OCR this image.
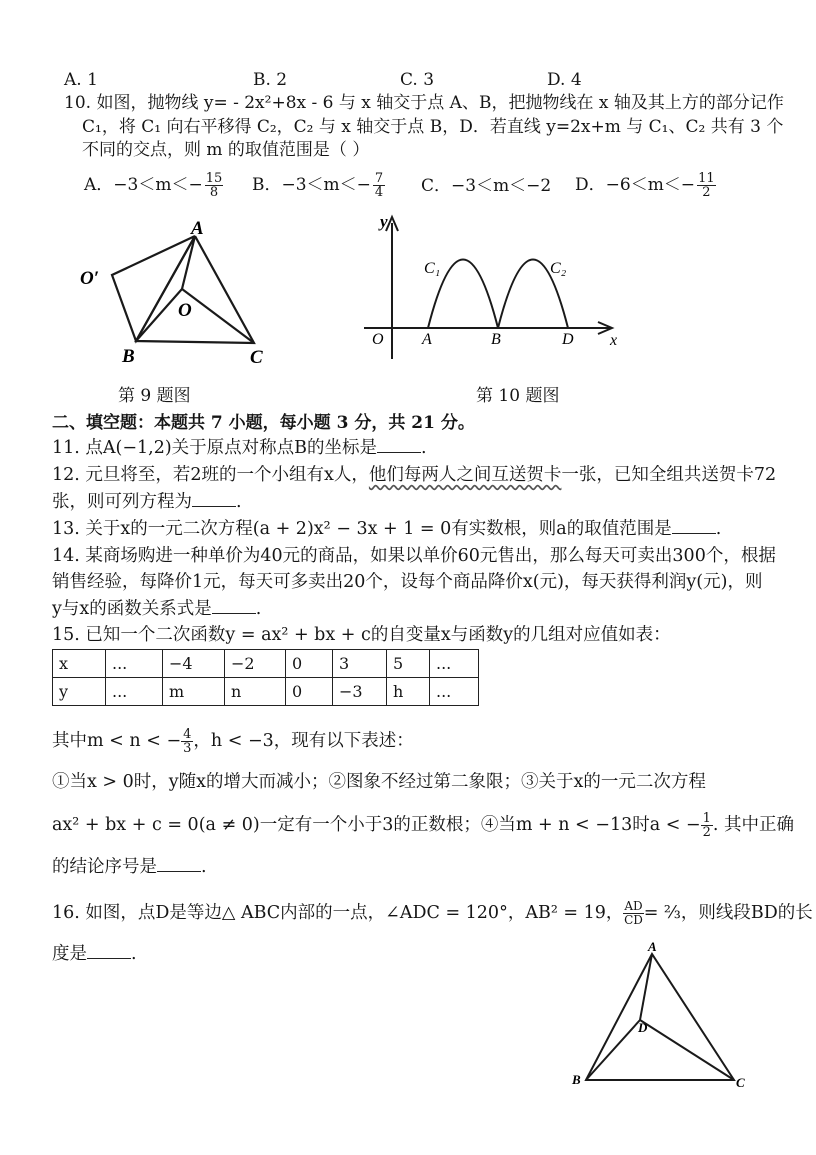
A. 1	B. 2	C. 3	D. 4
10. 如图，抛物线 y= - 2x²+8x - 6 与 x 轴交于点 A、B，把抛物线在 x 轴及其上方的部分记作
C₁，将 C₁ 向右平移得 C₂，C₂ 与 x 轴交于点 B，D．若直线 y=2x+m 与 C₁、C₂ 共有 3 个
不同的交点，则 m 的取值范围是（ ）
A．$-3<m<- \frac{15}{8}$ B．$-3<m<- \frac{7}{4}$ C．−3＜m＜−2 D．$-6<m<- \frac{11}{2}$
A
O′
O
B	C
第 9 题图
y
C₁	C₂
O A	B	D x
第 10 题图
二、填空题：本题共 7 小题，每小题 3 分，共 21 分。
11. 点A(−1,2)关于原点对称点B的坐标是	.
12. 元旦将至，若2班的一个小组有x人，他们每两人之间互送贺卡一张，已知全组共送贺卡72
张，则可列方程为	.
13. 关于x的一元二次方程(a + 2)x² − 3x + 1 = 0有实数根，则a的取值范围是	.
14. 某商场购进一种单价为40元的商品，如果以单价60元售出，那么每天可卖出300个，根据
销售经验，每降价1元，每天可多卖出20个，设每个商品降价x(元)，每天获得利润y(元)，则
y与x的函数关系式是	.
15. 已知一个二次函数y = ax² + bx + c的自变量x与函数y的几组对应值如表：
x	...	−4	−2	0	3	5	...
y	...	m	n	0	−3	h	...
其中m < n < − $\frac{4}{3}$ ，h < −3，现有以下表述：
①当x > 0时，y随x的增大而减小；②图象不经过第二象限；③关于x的一元二次方程
ax² + bx + c = 0(a ≠ 0)一定有一个小于3的正数根；④当m + n < −13时a < − $\frac{1}{2}$ . 其中正确
的结论序号是	.
16. 如图，点D是等边△ ABC内部的一点，∠ADC = 120°，AB² = 19， $\frac{AD}{CD}$ = ⅔，则线段BD的长
度是	.	A
D
B	C
